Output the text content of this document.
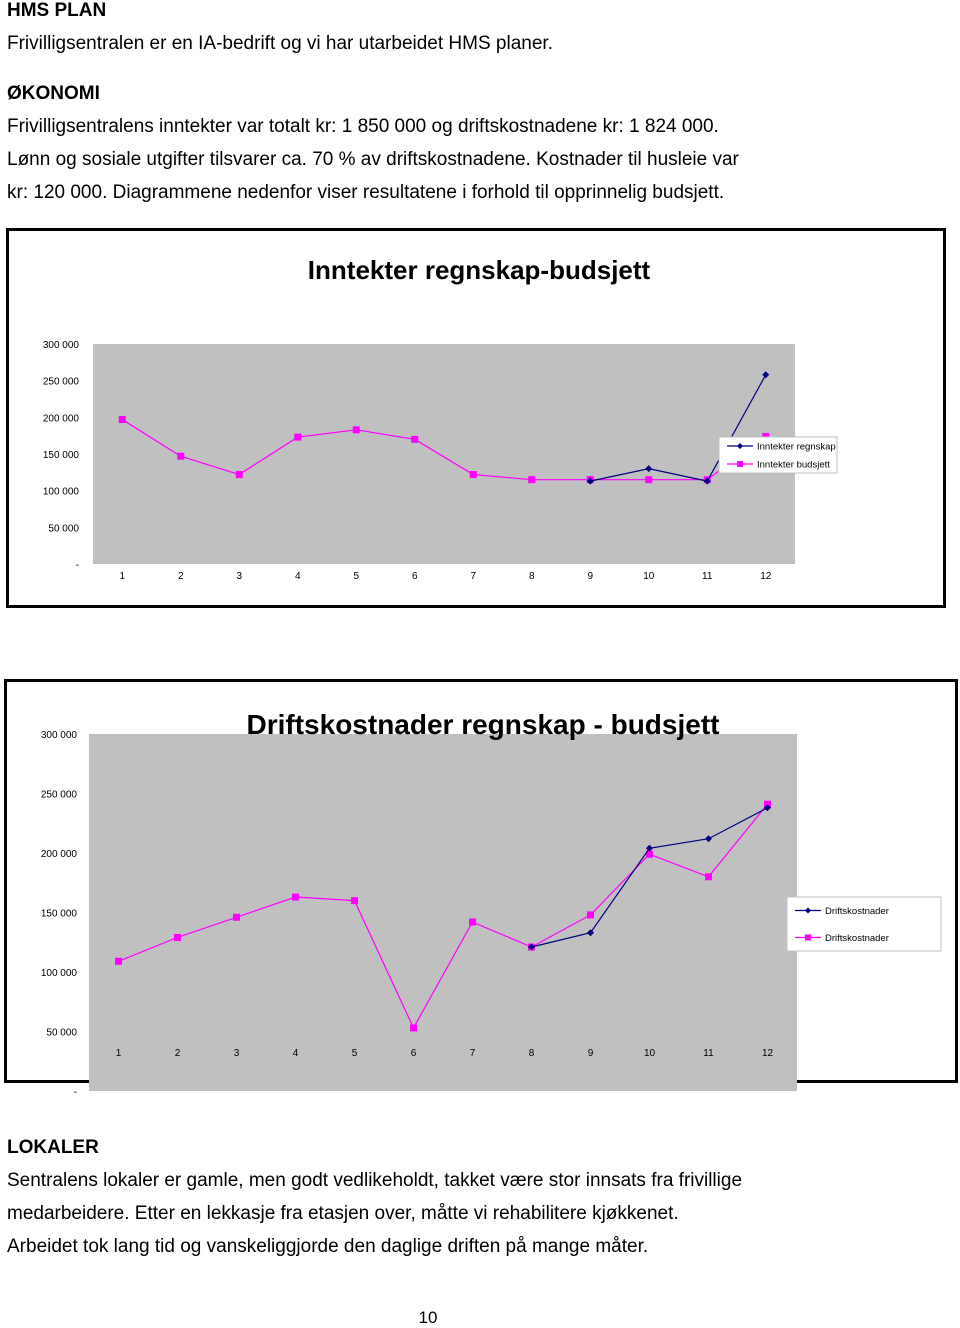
HMS PLAN
Frivilligsentralen er en IA-bedrift og vi har utarbeidet HMS planer.
ØKONOMI
Frivilligsentralens inntekter var totalt kr: 1 850 000 og driftskostnadene kr: 1 824 000.
Lønn og sosiale utgifter tilsvarer ca. 70 % av driftskostnadene. Kostnader til husleie var
kr: 120 000. Diagrammene nedenfor viser resultatene i forhold til opprinnelig budsjett.
Inntekter regnskap-budsjett
-
50 000
100 000
150 000
200 000
250 000
300 000
1	2	3	4	5	6	7	8	9	10	11	12
Inntekter regnskap
Inntekter budsjett
Driftskostnader regnskap - budsjett
-
50 000
100 000
150 000
200 000
250 000
300 000
1	2	3	4	5	6	7	8	9	10	11	12
Driftskostnader
Driftskostnader
LOKALER
Sentralens lokaler er gamle, men godt vedlikeholdt, takket være stor innsats fra frivillige
medarbeidere. Etter en lekkasje fra etasjen over, måtte vi rehabilitere kjøkkenet.
Arbeidet tok lang tid og vanskeliggjorde den daglige driften på mange måter.
10
